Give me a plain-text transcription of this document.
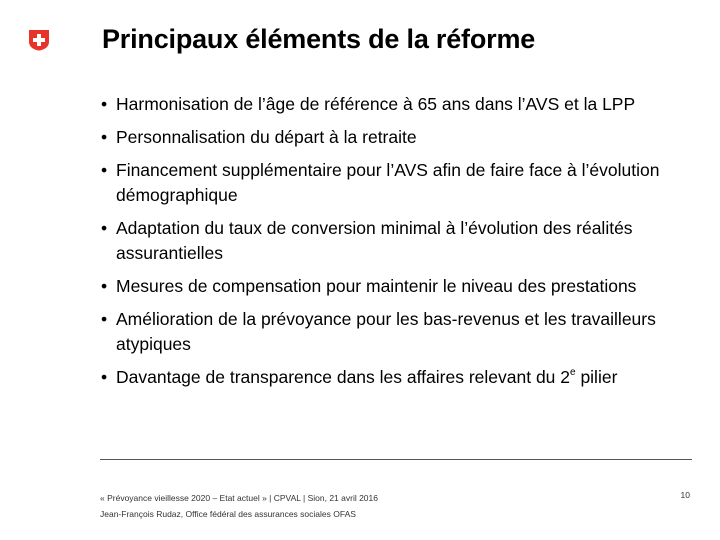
Principaux éléments de la réforme
• Harmonisation de l’âge de référence à 65 ans dans l’AVS et la LPP
• Personnalisation du départ à la retraite
• Financement supplémentaire pour l’AVS afin de faire face à l’évolution démographique
• Adaptation du taux de conversion minimal à l’évolution des réalités assurantielles
• Mesures de compensation pour maintenir le niveau des prestations
• Amélioration de la prévoyance pour les bas-revenus et les travailleurs atypiques
• Davantage de transparence dans les affaires relevant du 2e pilier
« Prévoyance vieillesse 2020 – Etat actuel » | CPVAL | Sion, 21 avril 2016
Jean-François Rudaz, Office fédéral des assurances sociales OFAS
10
